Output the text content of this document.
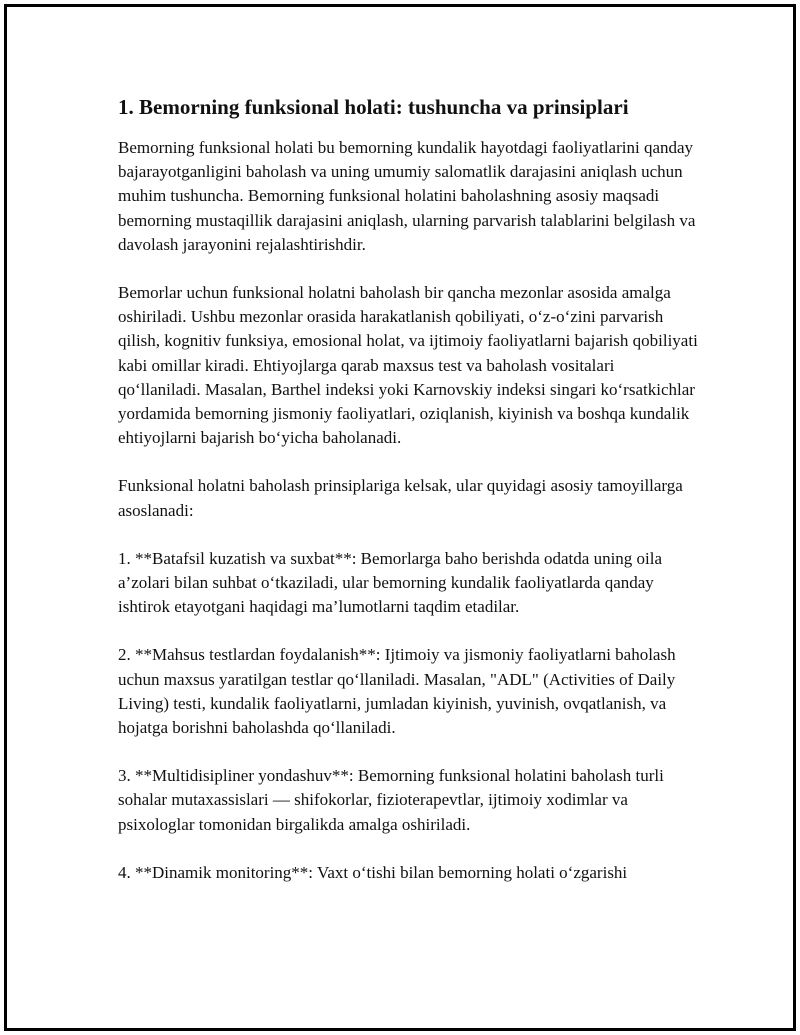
1. Bemorning funksional holati: tushuncha va prinsiplari

Bemorning funksional holati bu bemorning kundalik hayotdagi faoliyatlarini qanday bajarayotganligini baholash va uning umumiy salomatlik darajasini aniqlash uchun muhim tushuncha. Bemorning funksional holatini baholashning asosiy maqsadi bemorning mustaqillik darajasini aniqlash, ularning parvarish talablarini belgilash va davolash jarayonini rejalashtirishdir.

Bemorlar uchun funksional holatni baholash bir qancha mezonlar asosida amalga oshiriladi. Ushbu mezonlar orasida harakatlanish qobiliyati, o‘z-o‘zini parvarish qilish, kognitiv funksiya, emosional holat, va ijtimoiy faoliyatlarni bajarish qobiliyati kabi omillar kiradi. Ehtiyojlarga qarab maxsus test va baholash vositalari qo‘llaniladi. Masalan, Barthel indeksi yoki Karnovskiy indeksi singari ko‘rsatkichlar yordamida bemorning jismoniy faoliyatlari, oziqlanish, kiyinish va boshqa kundalik ehtiyojlarni bajarish bo‘yicha baholanadi.

Funksional holatni baholash prinsiplariga kelsak, ular quyidagi asosiy tamoyillarga asoslanadi:

1. **Batafsil kuzatish va suxbat**: Bemorlarga baho berishda odatda uning oila a’zolari bilan suhbat o‘tkaziladi, ular bemorning kundalik faoliyatlarda qanday ishtirok etayotgani haqidagi ma’lumotlarni taqdim etadilar.

2. **Mahsus testlardan foydalanish**: Ijtimoiy va jismoniy faoliyatlarni baholash uchun maxsus yaratilgan testlar qo‘llaniladi. Masalan, "ADL" (Activities of Daily Living) testi, kundalik faoliyatlarni, jumladan kiyinish, yuvinish, ovqatlanish, va hojatga borishni baholashda qo‘llaniladi.

3. **Multidisipliner yondashuv**: Bemorning funksional holatini baholash turli sohalar mutaxassislari — shifokorlar, fizioterapevtlar, ijtimoiy xodimlar va psixologlar tomonidan birgalikda amalga oshiriladi.

4. **Dinamik monitoring**: Vaxt o‘tishi bilan bemorning holati o‘zgarishi
